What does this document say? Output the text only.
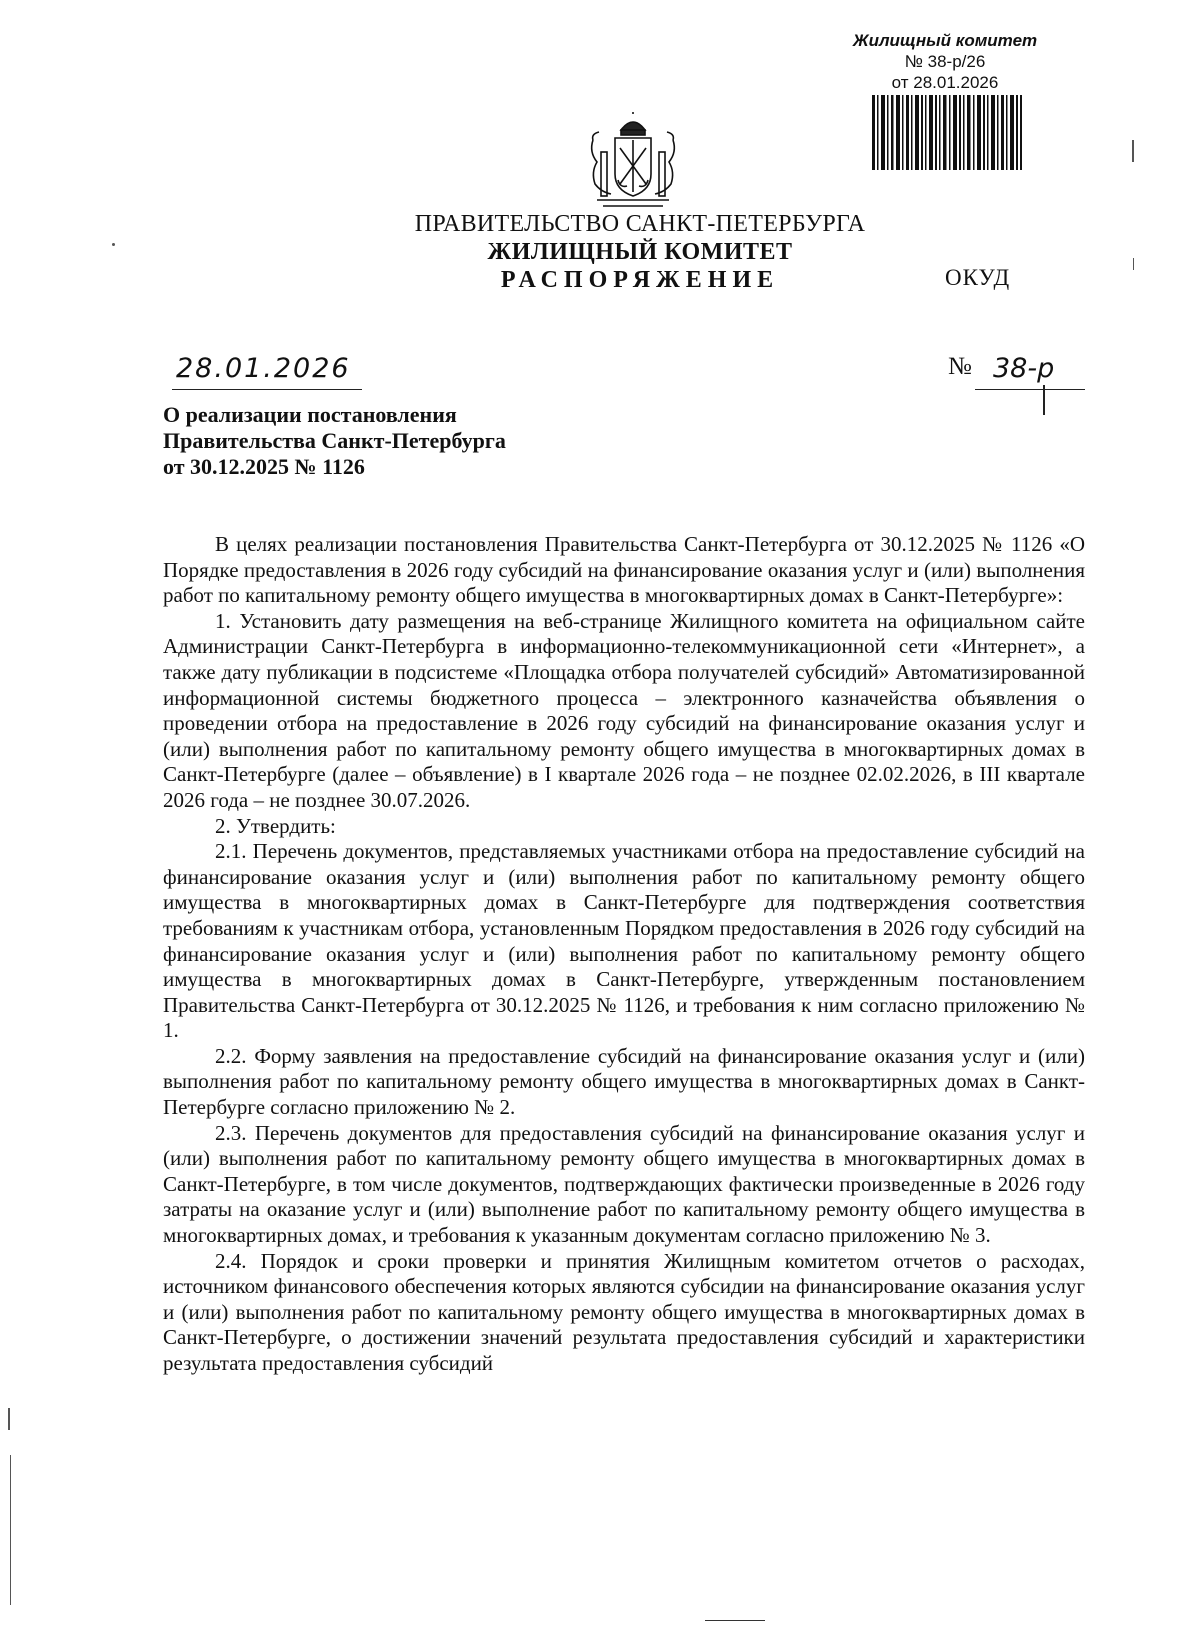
Жилищный комитет
№ 38-р/26
от 28.01.2026
ПРАВИТЕЛЬСТВО САНКТ-ПЕТЕРБУРГА
ЖИЛИЩНЫЙ КОМИТЕТ
РАСПОРЯЖЕНИЕ	ОКУД
28.01.2026	№ 38-р
О реализации постановления
Правительства Санкт-Петербурга
от 30.12.2025 № 1126

В целях реализации постановления Правительства Санкт-Петербурга от 30.12.2025 № 1126 «О Порядке предоставления в 2026 году субсидий на финансирование оказания услуг и (или) выполнения работ по капитальному ремонту общего имущества в многоквартирных домах в Санкт-Петербурге»:

1. Установить дату размещения на веб-странице Жилищного комитета на официальном сайте Администрации Санкт-Петербурга в информационно-телекоммуникационной сети «Интернет», а также дату публикации в подсистеме «Площадка отбора получателей субсидий» Автоматизированной информационной системы бюджетного процесса – электронного казначейства объявления о проведении отбора на предоставление в 2026 году субсидий на финансирование оказания услуг и (или) выполнения работ по капитальному ремонту общего имущества в многоквартирных домах в Санкт-Петербурге (далее – объявление) в I квартале 2026 года – не позднее 02.02.2026, в III квартале 2026 года – не позднее 30.07.2026.

2. Утвердить:

2.1. Перечень документов, представляемых участниками отбора на предоставление субсидий на финансирование оказания услуг и (или) выполнения работ по капитальному ремонту общего имущества в многоквартирных домах в Санкт-Петербурге для подтверждения соответствия требованиям к участникам отбора, установленным Порядком предоставления в 2026 году субсидий на финансирование оказания услуг и (или) выполнения работ по капитальному ремонту общего имущества в многоквартирных домах в Санкт-Петербурге, утвержденным постановлением Правительства Санкт-Петербурга от 30.12.2025 № 1126, и требования к ним согласно приложению № 1.

2.2. Форму заявления на предоставление субсидий на финансирование оказания услуг и (или) выполнения работ по капитальному ремонту общего имущества в многоквартирных домах в Санкт-Петербурге согласно приложению № 2.

2.3. Перечень документов для предоставления субсидий на финансирование оказания услуг и (или) выполнения работ по капитальному ремонту общего имущества в многоквартирных домах в Санкт-Петербурге, в том числе документов, подтверждающих фактически произведенные в 2026 году затраты на оказание услуг и (или) выполнение работ по капитальному ремонту общего имущества в многоквартирных домах, и требования к указанным документам согласно приложению № 3.

2.4. Порядок и сроки проверки и принятия Жилищным комитетом отчетов о расходах, источником финансового обеспечения которых являются субсидии на финансирование оказания услуг и (или) выполнения работ по капитальному ремонту общего имущества в многоквартирных домах в Санкт-Петербурге, о достижении значений результата предоставления субсидий и характеристики результата предоставления субсидий
